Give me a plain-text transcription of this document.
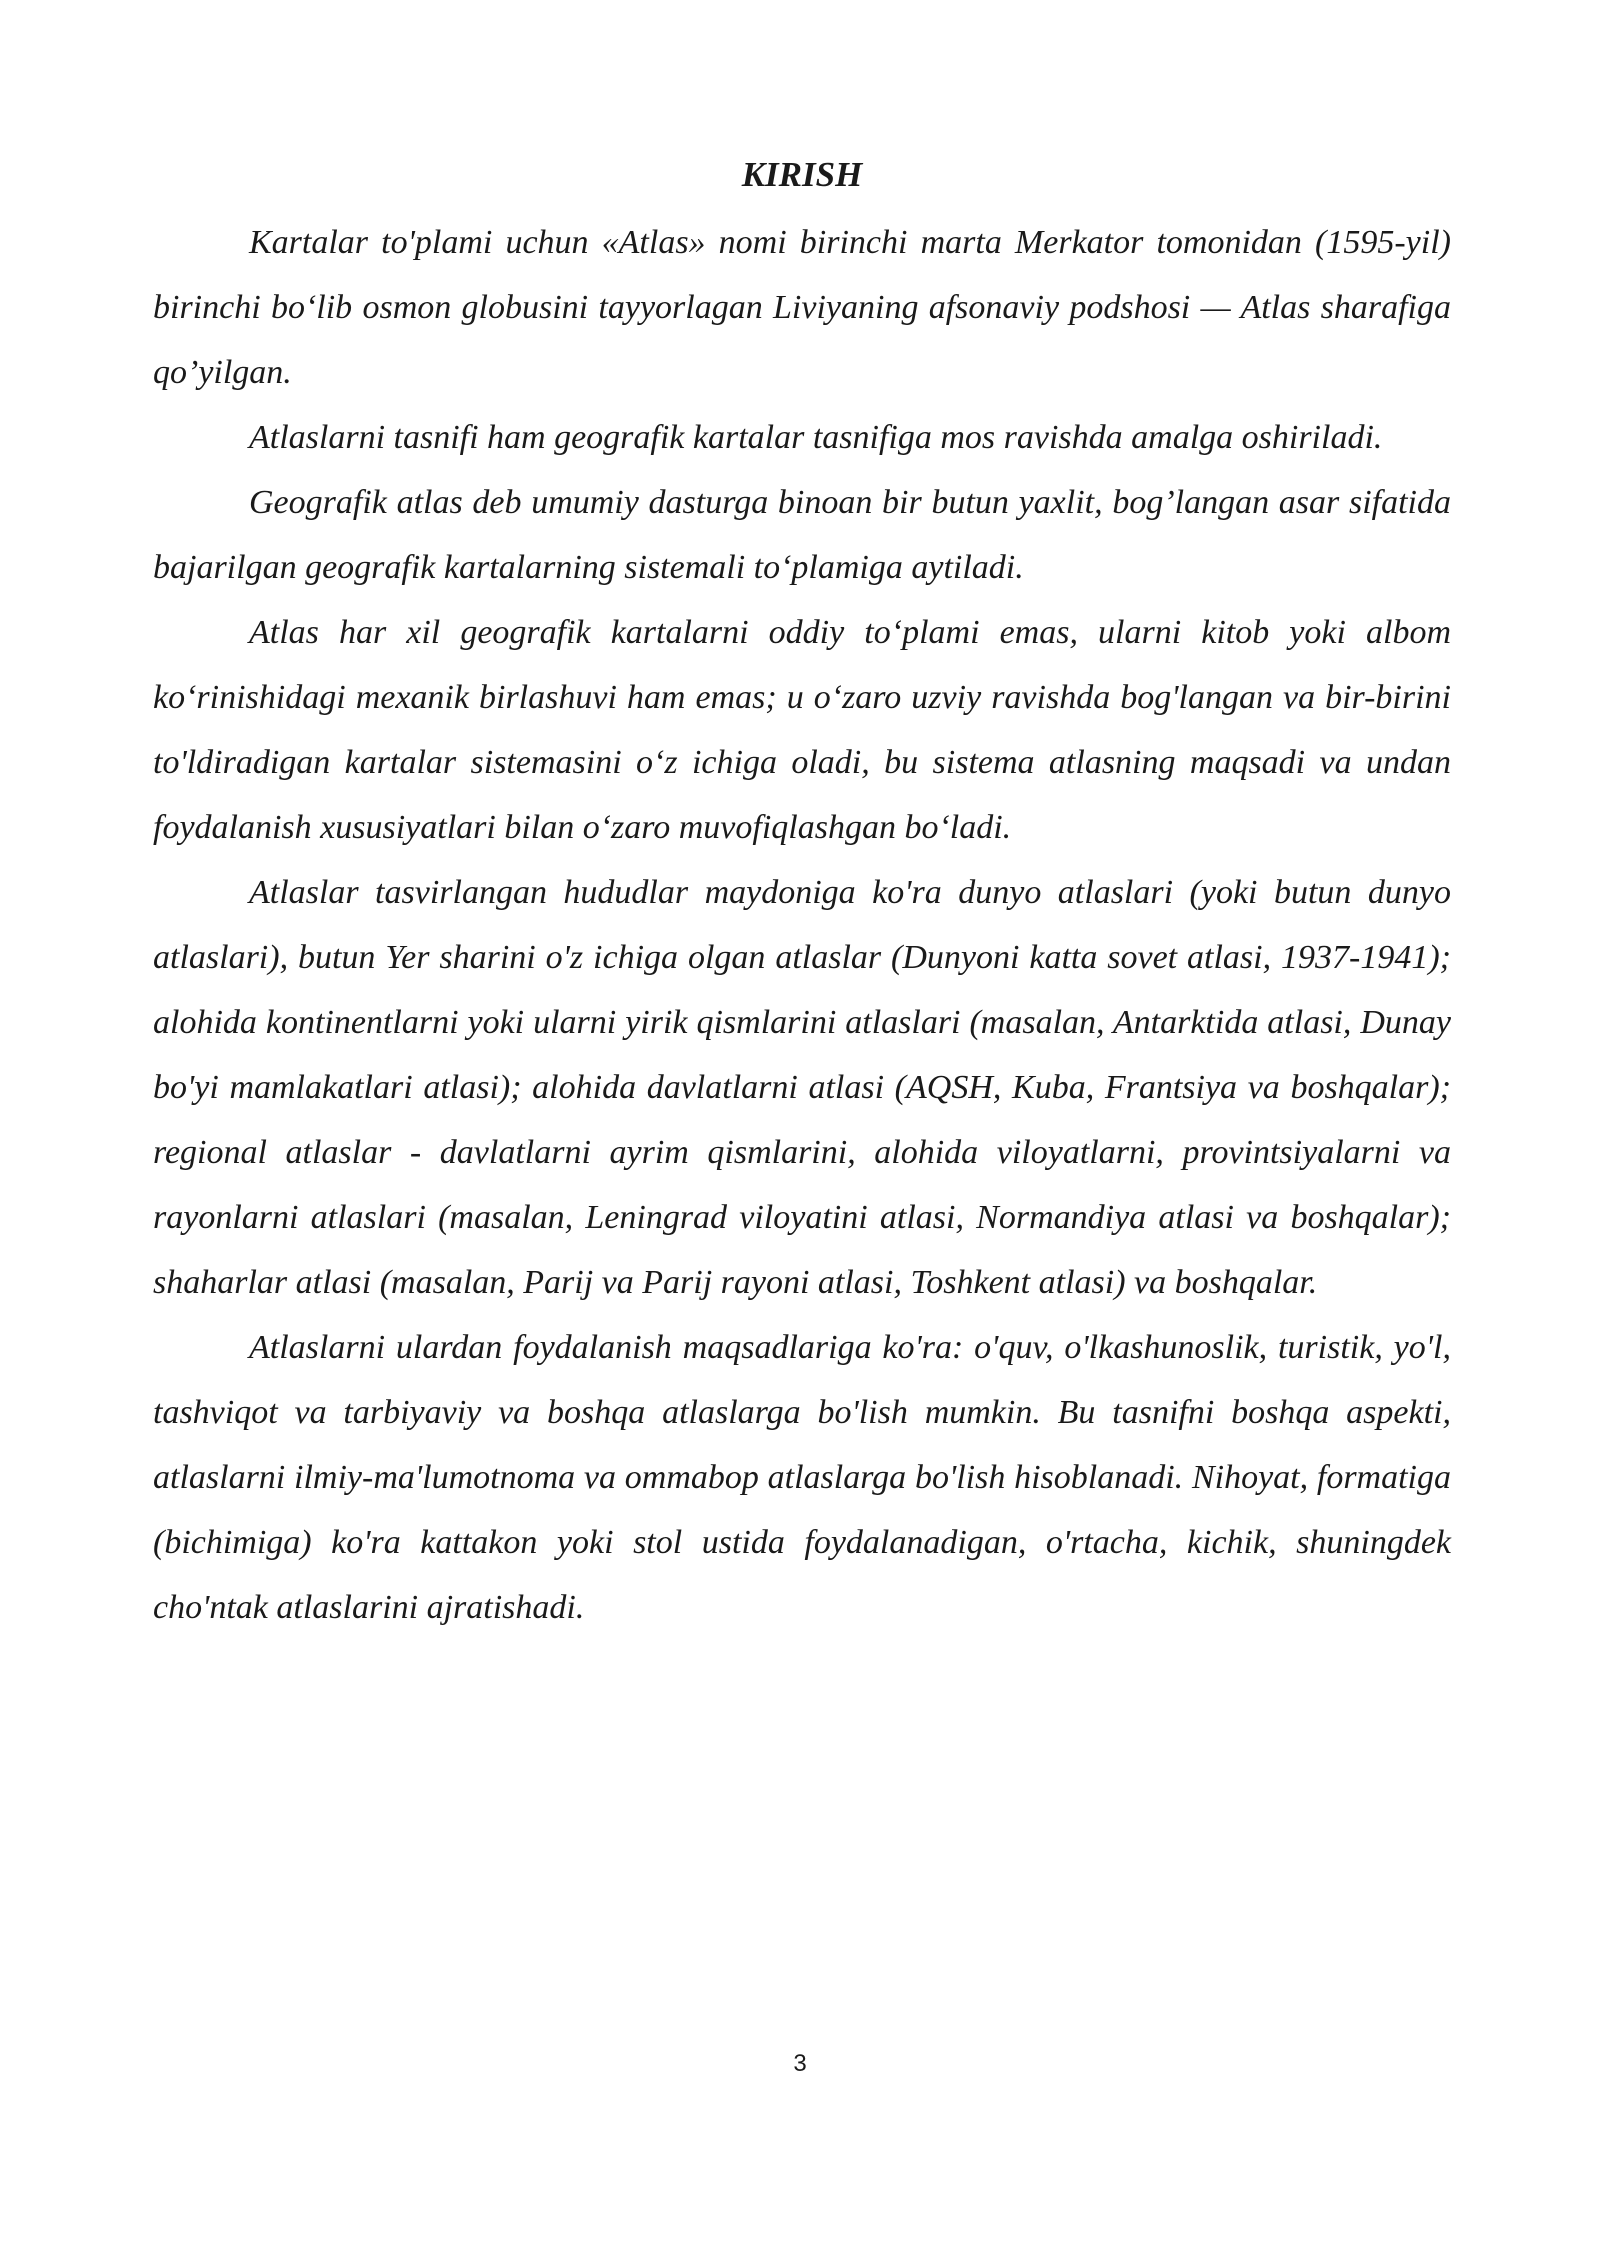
KIRISH

Kartalar to'plami uchun «Atlas» nomi birinchi marta Merkator tomonidan (1595-yil) birinchi bo‘lib osmon globusini tayyorlagan Liviyaning afsonaviy podshosi — Atlas sharafiga qo’yilgan.

Atlaslarni tasnifi ham geografik kartalar tasnifiga mos ravishda amalga oshiriladi.

Geografik atlas deb umumiy dasturga binoan bir butun yaxlit, bog’langan asar sifatida bajarilgan geografik kartalarning sistemali to‘plamiga aytiladi.

Atlas har xil geografik kartalarni oddiy to‘plami emas, ularni kitob yoki albom ko‘rinishidagi mexanik birlashuvi ham emas; u o‘zaro uzviy ravishda bog'langan va bir-birini to'ldiradigan kartalar sistemasini o‘z ichiga oladi, bu sistema atlasning maqsadi va undan foydalanish xususiyatlari bilan o‘zaro muvofiqlashgan bo‘ladi.

Atlaslar tasvirlangan hududlar maydoniga ko'ra dunyo atlaslari (yoki butun dunyo atlaslari), butun Yer sharini o'z ichiga olgan atlaslar (Dunyoni katta sovet atlasi, 1937-1941); alohida kontinentlarni yoki ularni yirik qismlarini atlaslari (masalan, Antarktida atlasi, Dunay bo'yi mamlakatlari atlasi); alohida davlatlarni atlasi (AQSH, Kuba, Frantsiya va boshqalar); regional atlaslar - davlatlarni ayrim qismlarini, alohida viloyatlarni, provintsiyalarni va rayonlarni atlaslari (masalan, Leningrad viloyatini atlasi, Normandiya atlasi va boshqalar); shaharlar atlasi (masalan, Parij va Parij rayoni atlasi, Toshkent atlasi) va boshqalar.

Atlaslarni ulardan foydalanish maqsadlariga ko'ra: o'quv, o'lkashunoslik, turistik, yo'l, tashviqot va tarbiyaviy va boshqa atlaslarga bo'lish mumkin. Bu tasnifni boshqa aspekti, atlaslarni ilmiy-ma'lumotnoma va ommabop atlaslarga bo'lish hisoblanadi. Nihoyat, formatiga (bichimiga) ko'ra kattakon yoki stol ustida foydalanadigan, o'rtacha, kichik, shuningdek cho'ntak atlaslarini ajratishadi.

3
